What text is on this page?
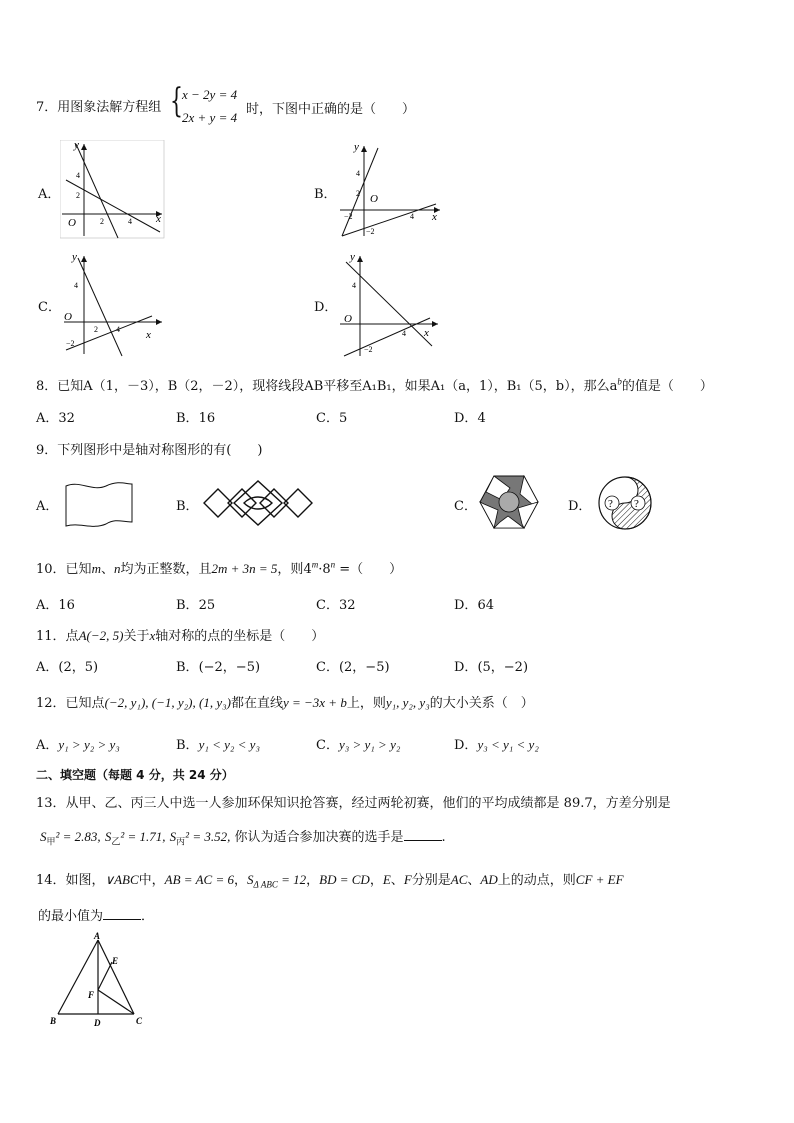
7．用图象法解方程组 { x − 2y = 4
2x + y = 4
时，下图中正确的是（　　）
A．	B．
C．	D．
y
x
O
4
2
2	4
y
x
O
4
2
−2	4
−2
y
x
O
4
2 4
−2
y
x
O
4
4
−2
8．已知A（1，－3），B（2，－2），现将线段AB平移至A₁B₁，如果A₁（a，1），B₁（5，b），那么$a^b$的值是（　　）
A．32	B．16	C．5	D．4
9．下列图形中是轴对称图形的有(　　)
A．	B．	C．	D． ? ?
10．已知m、n均为正整数，且2m + 3n = 5，则$4^m\cdot 8^n$ =（　　）
A．16	B．25	C．32	D．64
11．点A(−2, 5)关于x轴对称的点的坐标是（　　）
A．(2，5)	B．(−2，−5)	C．(2，−5)	D．(5，−2)
12．已知点(−2, y₁), (−1, y₂), (1, y₃)都在直线y = −3x + b上，则y₁, y₂, y₃的大小关系（　）
A．y₁ > y₂ > y₃	B．y₁ < y₂ < y₃	C．y₃ > y₁ > y₂	D．y₃ < y₁ < y₂
二、填空题（每题 4 分，共 24 分）
13．从甲、乙、丙三人中选一人参加环保知识抢答赛，经过两轮初赛，他们的平均成绩都是 89.7，方差分别是
$S_甲^2 = 2.83$, $S_乙^2 = 1.71$, $S_丙^2 = 3.52$, 你认为适合参加决赛的选手是	.
14．如图，∨ABC中，AB = AC = 6，$S_{\Delta ABC} = 12$，BD = CD，E、F分别是AC、AD上的动点，则CF + EF
的最小值为	．
A
B	C
D
E
F
